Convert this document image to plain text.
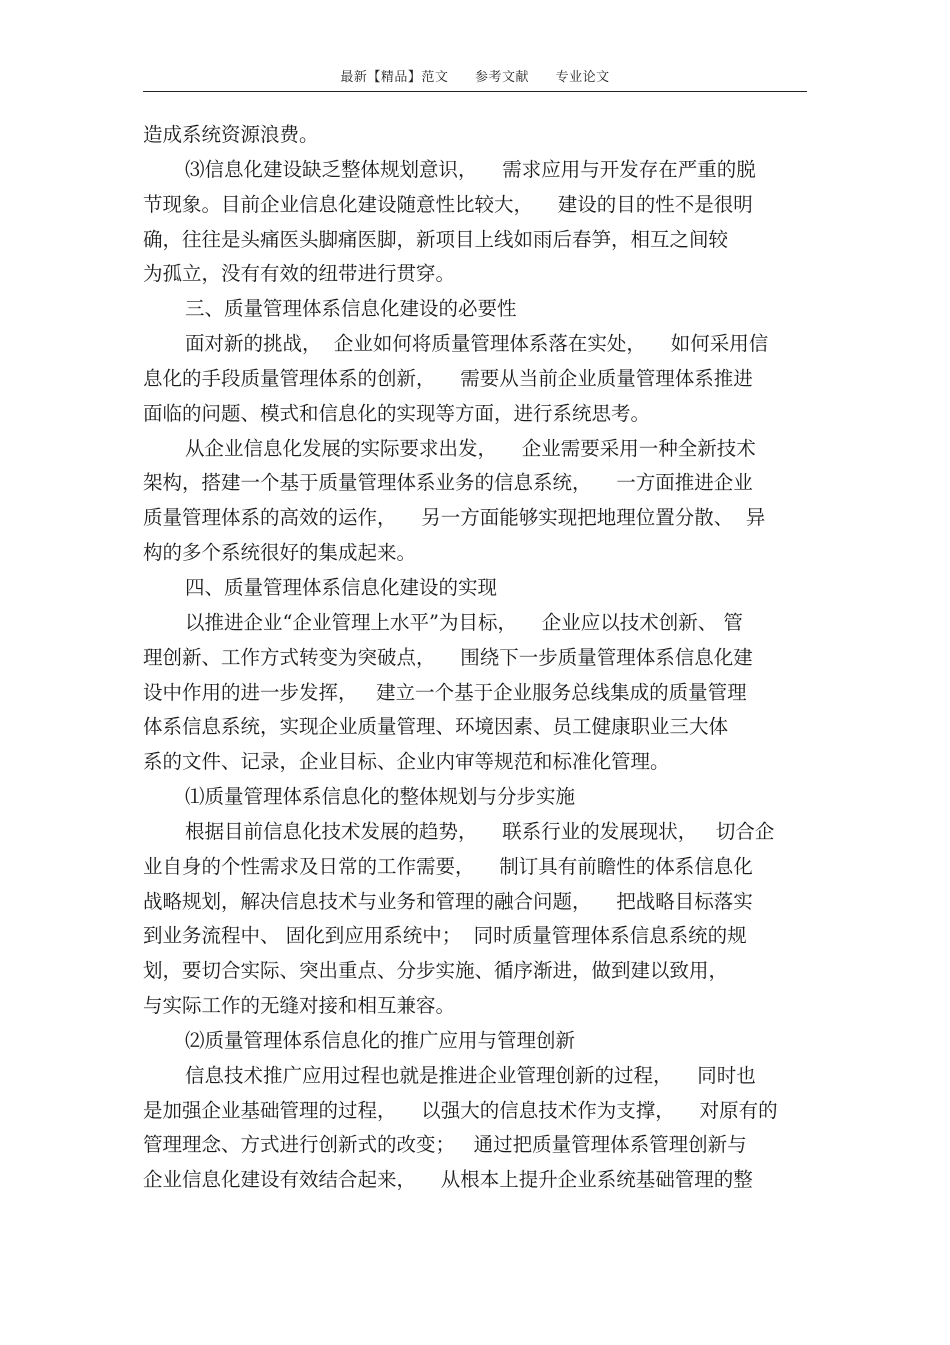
最新【精品】范文 参考文献 专业论文
造成系统资源浪费。
⑶信息化建设缺乏整体规划意识，    需求应用与开发存在严重的脱
节现象。目前企业信息化建设随意性比较大，    建设的目的性不是很明
确，往往是头痛医头脚痛医脚，新项目上线如雨后春笋，相互之间较
为孤立，没有有效的纽带进行贯穿。
三、质量管理体系信息化建设的必要性
面对新的挑战，  企业如何将质量管理体系落在实处，    如何采用信
息化的手段质量管理体系的创新，    需要从当前企业质量管理体系推进
面临的问题、模式和信息化的实现等方面，进行系统思考。
从企业信息化发展的实际要求出发，    企业需要采用一种全新技术
架构，搭建一个基于质量管理体系业务的信息系统，    一方面推进企业
质量管理体系的高效的运作，    另一方面能够实现把地理位置分散、  异
构的多个系统很好的集成起来。
四、质量管理体系信息化建设的实现
以推进企业“企业管理上水平”为目标，    企业应以技术创新、 管
理创新、工作方式转变为突破点，    围绕下一步质量管理体系信息化建
设中作用的进一步发挥，   建立一个基于企业服务总线集成的质量管理
体系信息系统，实现企业质量管理、环境因素、员工健康职业三大体
系的文件、记录，企业目标、企业内审等规范和标准化管理。
⑴质量管理体系信息化的整体规划与分步实施
根据目前信息化技术发展的趋势，    联系行业的发展现状，   切合企
业自身的个性需求及日常的工作需要，    制订具有前瞻性的体系信息化
战略规划，解决信息技术与业务和管理的融合问题，    把战略目标落实
到业务流程中、 固化到应用系统中；  同时质量管理体系信息系统的规
划，要切合实际、突出重点、分步实施、循序渐进，做到建以致用，
与实际工作的无缝对接和相互兼容。
⑵质量管理体系信息化的推广应用与管理创新
信息技术推广应用过程也就是推进企业管理创新的过程，    同时也
是加强企业基础管理的过程，    以强大的信息技术作为支撑，    对原有的
管理理念、方式进行创新式的改变；   通过把质量管理体系管理创新与
企业信息化建设有效结合起来，    从根本上提升企业系统基础管理的整
